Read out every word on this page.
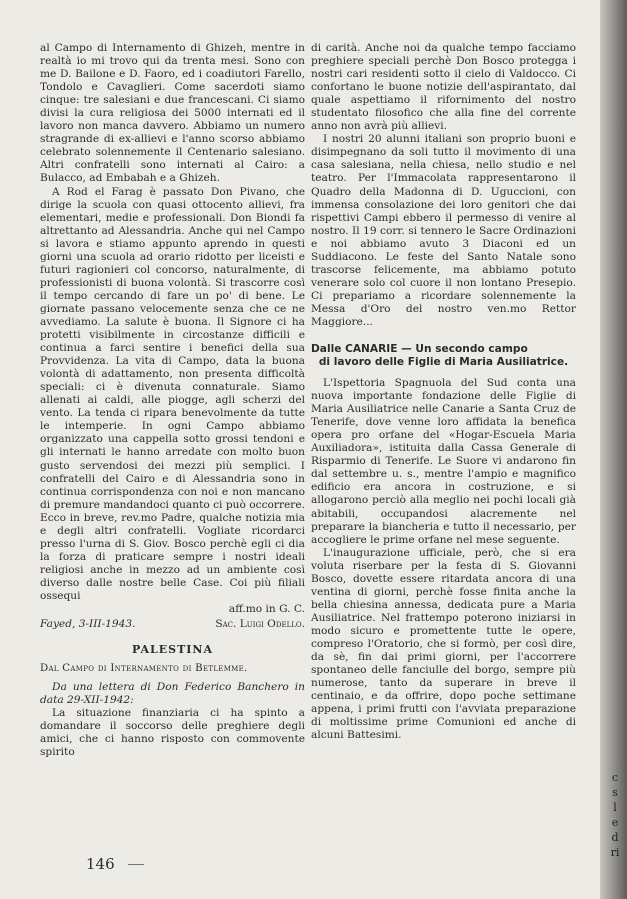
al Campo di Internamento di Ghizeh, mentre in realtà io mi trovo qui da trenta mesi. Sono con me D. Bailone e D. Faoro, ed i coadiutori Farello, Tondolo e Cavaglieri. Come sacerdoti siamo cinque: tre salesiani e due francescani. Ci siamo divisi la cura religiosa dei 5000 internati ed il lavoro non manca davvero. Abbiamo un numero stragrande di ex-allievi e l'anno scorso abbiamo celebrato solennemente il Centenario salesiano. Altri confratelli sono internati al Cairo: a Bulacco, ad Embabah e a Ghizeh.

A Rod el Farag è passato Don Pivano, che dirige la scuola con quasi ottocento allievi, fra elementari, medie e professionali. Don Biondi fa altrettanto ad Alessandria. Anche qui nel Campo si lavora e stiamo appunto aprendo in questi giorni una scuola ad orario ridotto per liceisti e futuri ragionieri col concorso, naturalmente, di professionisti di buona volontà. Si trascorre così il tempo cercando di fare un po' di bene. Le giornate passano velocemente senza che ce ne avvediamo. La salute è buona. Il Signore ci ha protetti visibilmente in circostanze difficili e continua a farci sentire i benefici della sua Provvidenza. La vita di Campo, data la buona volontà di adattamento, non presenta difficoltà speciali: ci è divenuta connaturale. Siamo allenati ai caldi, alle piogge, agli scherzi del vento. La tenda ci ripara benevolmente da tutte le intemperie. In ogni Campo abbiamo organizzato una cappella sotto grossi tendoni e gli internati le hanno arredate con molto buon gusto servendosi dei mezzi più semplici. I confratelli del Cairo e di Alessandria sono in continua corrispondenza con noi e non mancano di premure mandandoci quanto ci può occorrere. Ecco in breve, rev.mo Padre, qualche notizia mia e degli altri confratelli. Vogliate ricordarci presso l'urna di S. Giov. Bosco perchè egli ci dia la forza di praticare sempre i nostri ideali religiosi anche in mezzo ad un ambiente così diverso dalle nostre belle Case. Coi più filiali ossequi

aff.mo in G. C.

Fayed, 3-III-1943.	Sac. Luigi Odello.
PALESTINA
Dal Campo di Internamento di Betlemme.

Da una lettera di Don Federico Banchero in data 29-XII-1942:

La situazione finanziaria ci ha spinto a domandare il soccorso delle preghiere degli amici, che ci hanno risposto con commovente spirito

di carità. Anche noi da qualche tempo facciamo preghiere speciali perchè Don Bosco protegga i nostri cari residenti sotto il cielo di Valdocco. Ci confortano le buone notizie dell'aspirantato, dal quale aspettiamo il rifornimento del nostro studentato filosofico che alla fine del corrente anno non avrà più allievi.

I nostri 20 alunni italiani son proprio buoni e disimpegnano da soli tutto il movimento di una casa salesiana, nella chiesa, nello studio e nel teatro. Per l'Immacolata rappresentarono il Quadro della Madonna di D. Uguccioni, con immensa consolazione dei loro genitori che dai rispettivi Campi ebbero il permesso di venire al nostro. Il 19 corr. si tennero le Sacre Ordinazioni e noi abbiamo avuto 3 Diaconi ed un Suddiacono. Le feste del Santo Natale sono trascorse felicemente, ma abbiamo potuto venerare solo col cuore il non lontano Presepio. Ci prepariamo a ricordare solennemente la Messa d'Oro del nostro ven.mo Rettor Maggiore...

Dalle CANARIE — Un secondo campo
di lavoro delle Figlie di Maria Ausiliatrice.

L'Ispettoria Spagnuola del Sud conta una nuova importante fondazione delle Figlie di Maria Ausiliatrice nelle Canarie a Santa Cruz de Tenerife, dove venne loro affidata la benefica opera pro orfane del «Hogar-Escuela Maria Auxiliadora», istituita dalla Cassa Generale di Risparmio di Tenerife. Le Suore vi andarono fin dal settembre u. s., mentre l'ampio e magnifico edificio era ancora in costruzione, e si allogarono perciò alla meglio nei pochi locali già abitabili, occupandosi alacremente nel preparare la biancheria e tutto il necessario, per accogliere le prime orfane nel mese seguente.

L'inaugurazione ufficiale, però, che si era voluta riserbare per la festa di S. Giovanni Bosco, dovette essere ritardata ancora di una ventina di giorni, perchè fosse finita anche la bella chiesina annessa, dedicata pure a Maria Ausiliatrice. Nel frattempo poterono iniziarsi in modo sicuro e promettente tutte le opere, compreso l'Oratorio, che si formò, per così dire, da sè, fin dai primi giorni, per l'accorrere spontaneo delle fanciulle del borgo, sempre più numerose, tanto da superare in breve il centinaio, e da offrire, dopo poche settimane appena, i primi frutti con l'avviata preparazione di moltissime prime Comunioni ed anche di alcuni Battesimi.

146
c
s
l
e
d
ri
